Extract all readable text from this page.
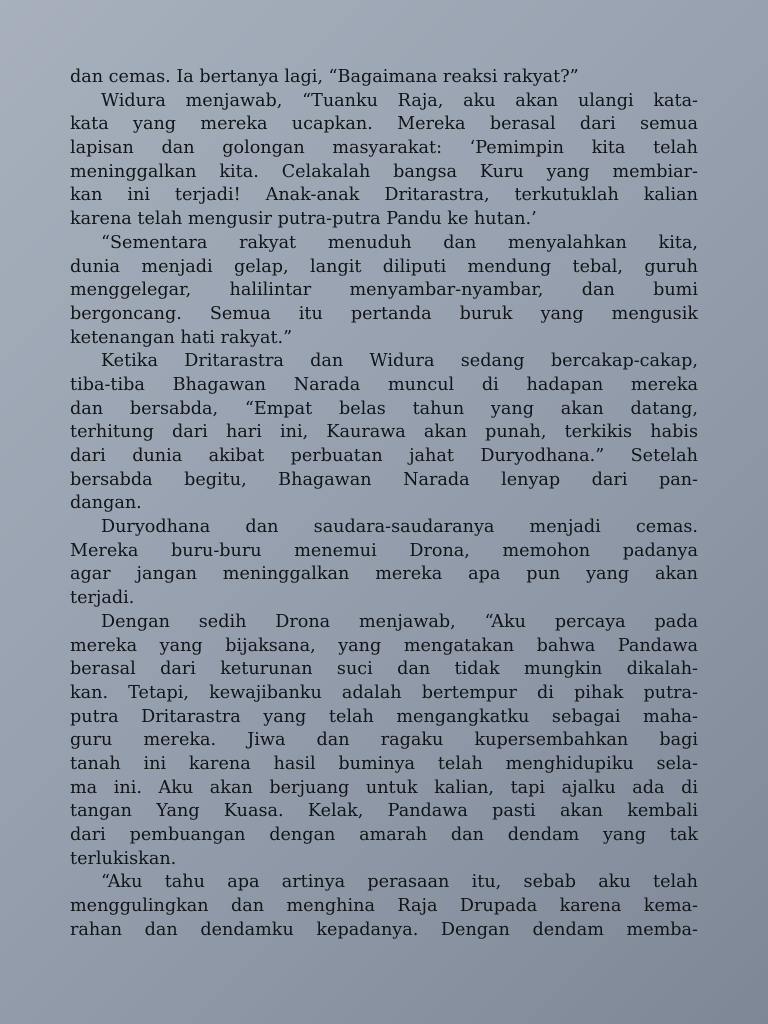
dan cemas. Ia bertanya lagi, “Bagaimana reaksi rakyat?”
Widura menjawab, “Tuanku Raja, aku akan ulangi kata-
kata yang mereka ucapkan. Mereka berasal dari semua
lapisan dan golongan masyarakat: ‘Pemimpin kita telah
meninggalkan kita. Celakalah bangsa Kuru yang membiar-
kan ini terjadi! Anak-anak Dritarastra, terkutuklah kalian
karena telah mengusir putra-putra Pandu ke hutan.’
“Sementara rakyat menuduh dan menyalahkan kita,
dunia menjadi gelap, langit diliputi mendung tebal, guruh
menggelegar, halilintar menyambar-nyambar, dan bumi
bergoncang. Semua itu pertanda buruk yang mengusik
ketenangan hati rakyat.”
Ketika Dritarastra dan Widura sedang bercakap-cakap,
tiba-tiba Bhagawan Narada muncul di hadapan mereka
dan bersabda, “Empat belas tahun yang akan datang,
terhitung dari hari ini, Kaurawa akan punah, terkikis habis
dari dunia akibat perbuatan jahat Duryodhana.” Setelah
bersabda begitu, Bhagawan Narada lenyap dari pan-
dangan.
Duryodhana dan saudara-saudaranya menjadi cemas.
Mereka buru-buru menemui Drona, memohon padanya
agar jangan meninggalkan mereka apa pun yang akan
terjadi.
Dengan sedih Drona menjawab, “Aku percaya pada
mereka yang bijaksana, yang mengatakan bahwa Pandawa
berasal dari keturunan suci dan tidak mungkin dikalah-
kan. Tetapi, kewajibanku adalah bertempur di pihak putra-
putra Dritarastra yang telah mengangkatku sebagai maha-
guru mereka. Jiwa dan ragaku kupersembahkan bagi
tanah ini karena hasil buminya telah menghidupiku sela-
ma ini. Aku akan berjuang untuk kalian, tapi ajalku ada di
tangan Yang Kuasa. Kelak, Pandawa pasti akan kembali
dari pembuangan dengan amarah dan dendam yang tak
terlukiskan.
“Aku tahu apa artinya perasaan itu, sebab aku telah
menggulingkan dan menghina Raja Drupada karena kema-
rahan dan dendamku kepadanya. Dengan dendam memba-
